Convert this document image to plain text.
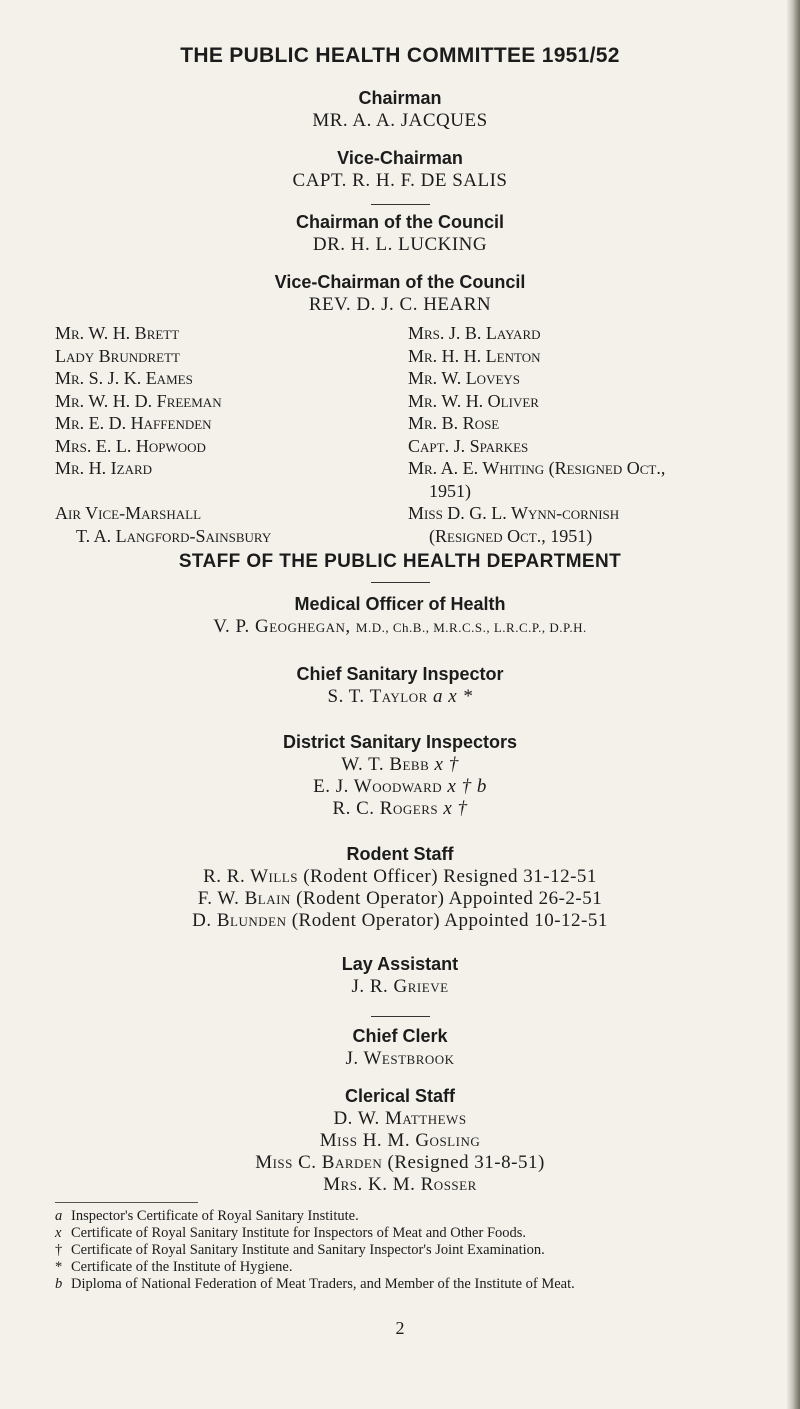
THE PUBLIC HEALTH COMMITTEE 1951/52
Chairman
MR. A. A. JACQUES
Vice-Chairman
CAPT. R. H. F. DE SALIS
Chairman of the Council
DR. H. L. LUCKING
Vice-Chairman of the Council
REV. D. J. C. HEARN
Mr. W. H. Brett
Lady Brundrett
Mr. S. J. K. Eames
Mr. W. H. D. Freeman
Mr. E. D. Haffenden
Mrs. E. L. Hopwood
Mr. H. Izard
Air Vice-Marshall
T. A. Langford-Sainsbury
Mrs. J. B. Layard
Mr. H. H. Lenton
Mr. W. Loveys
Mr. W. H. Oliver
Mr. B. Rose
Capt. J. Sparkes
Mr. A. E. Whiting (Resigned Oct.,
1951)
Miss D. G. L. Wynn-cornish
(Resigned Oct., 1951)
STAFF OF THE PUBLIC HEALTH DEPARTMENT
Medical Officer of Health
V. P. Geoghegan, M.D., Ch.B., M.R.C.S., L.R.C.P., D.P.H.
Chief Sanitary Inspector
S. T. Taylor a x *
District Sanitary Inspectors
W. T. Bebb x †
E. J. Woodward x † b
R. C. Rogers x †
Rodent Staff
R. R. Wills (Rodent Officer) Resigned 31-12-51
F. W. Blain (Rodent Operator) Appointed 26-2-51
D. Blunden (Rodent Operator) Appointed 10-12-51
Lay Assistant
J. R. Grieve
Chief Clerk
J. Westbrook
Clerical Staff
D. W. Matthews
Miss H. M. Gosling
Miss C. Barden (Resigned 31-8-51)
Mrs. K. M. Rosser
a Inspector's Certificate of Royal Sanitary Institute.
x Certificate of Royal Sanitary Institute for Inspectors of Meat and Other Foods.
† Certificate of Royal Sanitary Institute and Sanitary Inspector's Joint Examination.
* Certificate of the Institute of Hygiene.
b Diploma of National Federation of Meat Traders, and Member of the Institute of Meat.
2
